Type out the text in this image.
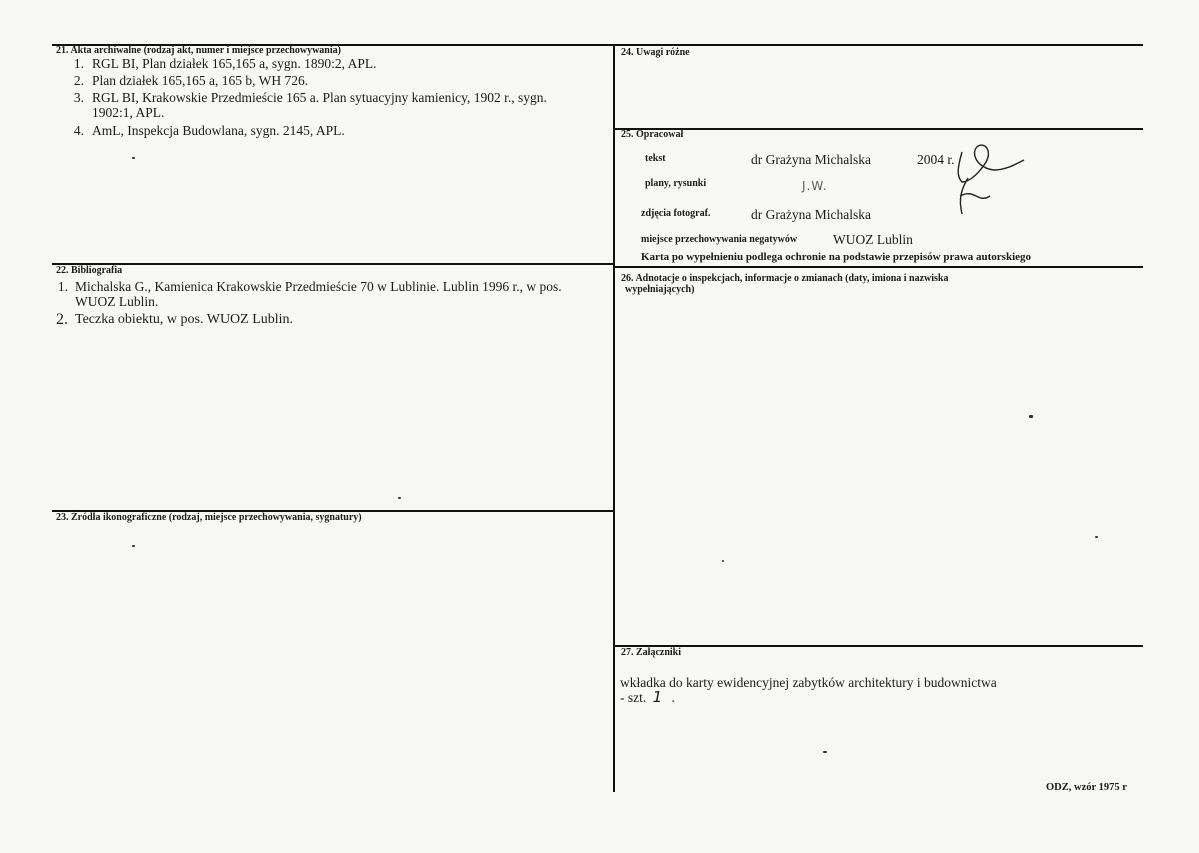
21. Akta archiwalne (rodzaj akt, numer i miejsce przechowywania)
1. RGL BI, Plan działek 165,165 a, sygn. 1890:2, APL.
2. Plan działek 165,165 a, 165 b, WH 726.
3. RGL BI, Krakowskie Przedmieście 165 a. Plan sytuacyjny kamienicy, 1902 r., sygn.
1902:1, APL.
4. AmL, Inspekcja Budowlana, sygn. 2145, APL.
22. Bibliografia
1. Michalska G., Kamienica Krakowskie Przedmieście 70 w Lublinie. Lublin 1996 r., w pos.
WUOZ Lublin.
2. Teczka obiektu, w pos. WUOZ Lublin.
23. Źródła ikonograficzne (rodzaj, miejsce przechowywania, sygnatury)
24. Uwagi różne
25. Opracował
tekst	dr Grażyna Michalska	2004 r.
plany, rysunki	J.W.
zdjęcia fotograf.	dr Grażyna Michalska
miejsce przechowywania negatywów	WUOZ Lublin
Karta po wypełnieniu podlega ochronie na podstawie przepisów prawa autorskiego
26. Adnotacje o inspekcjach, informacje o zmianach (daty, imiona i nazwiska
wypełniających)
27. Załączniki
wkładka do karty ewidencyjnej zabytków architektury i budownictwa
- szt. 1 .
ODZ, wzór 1975 r
